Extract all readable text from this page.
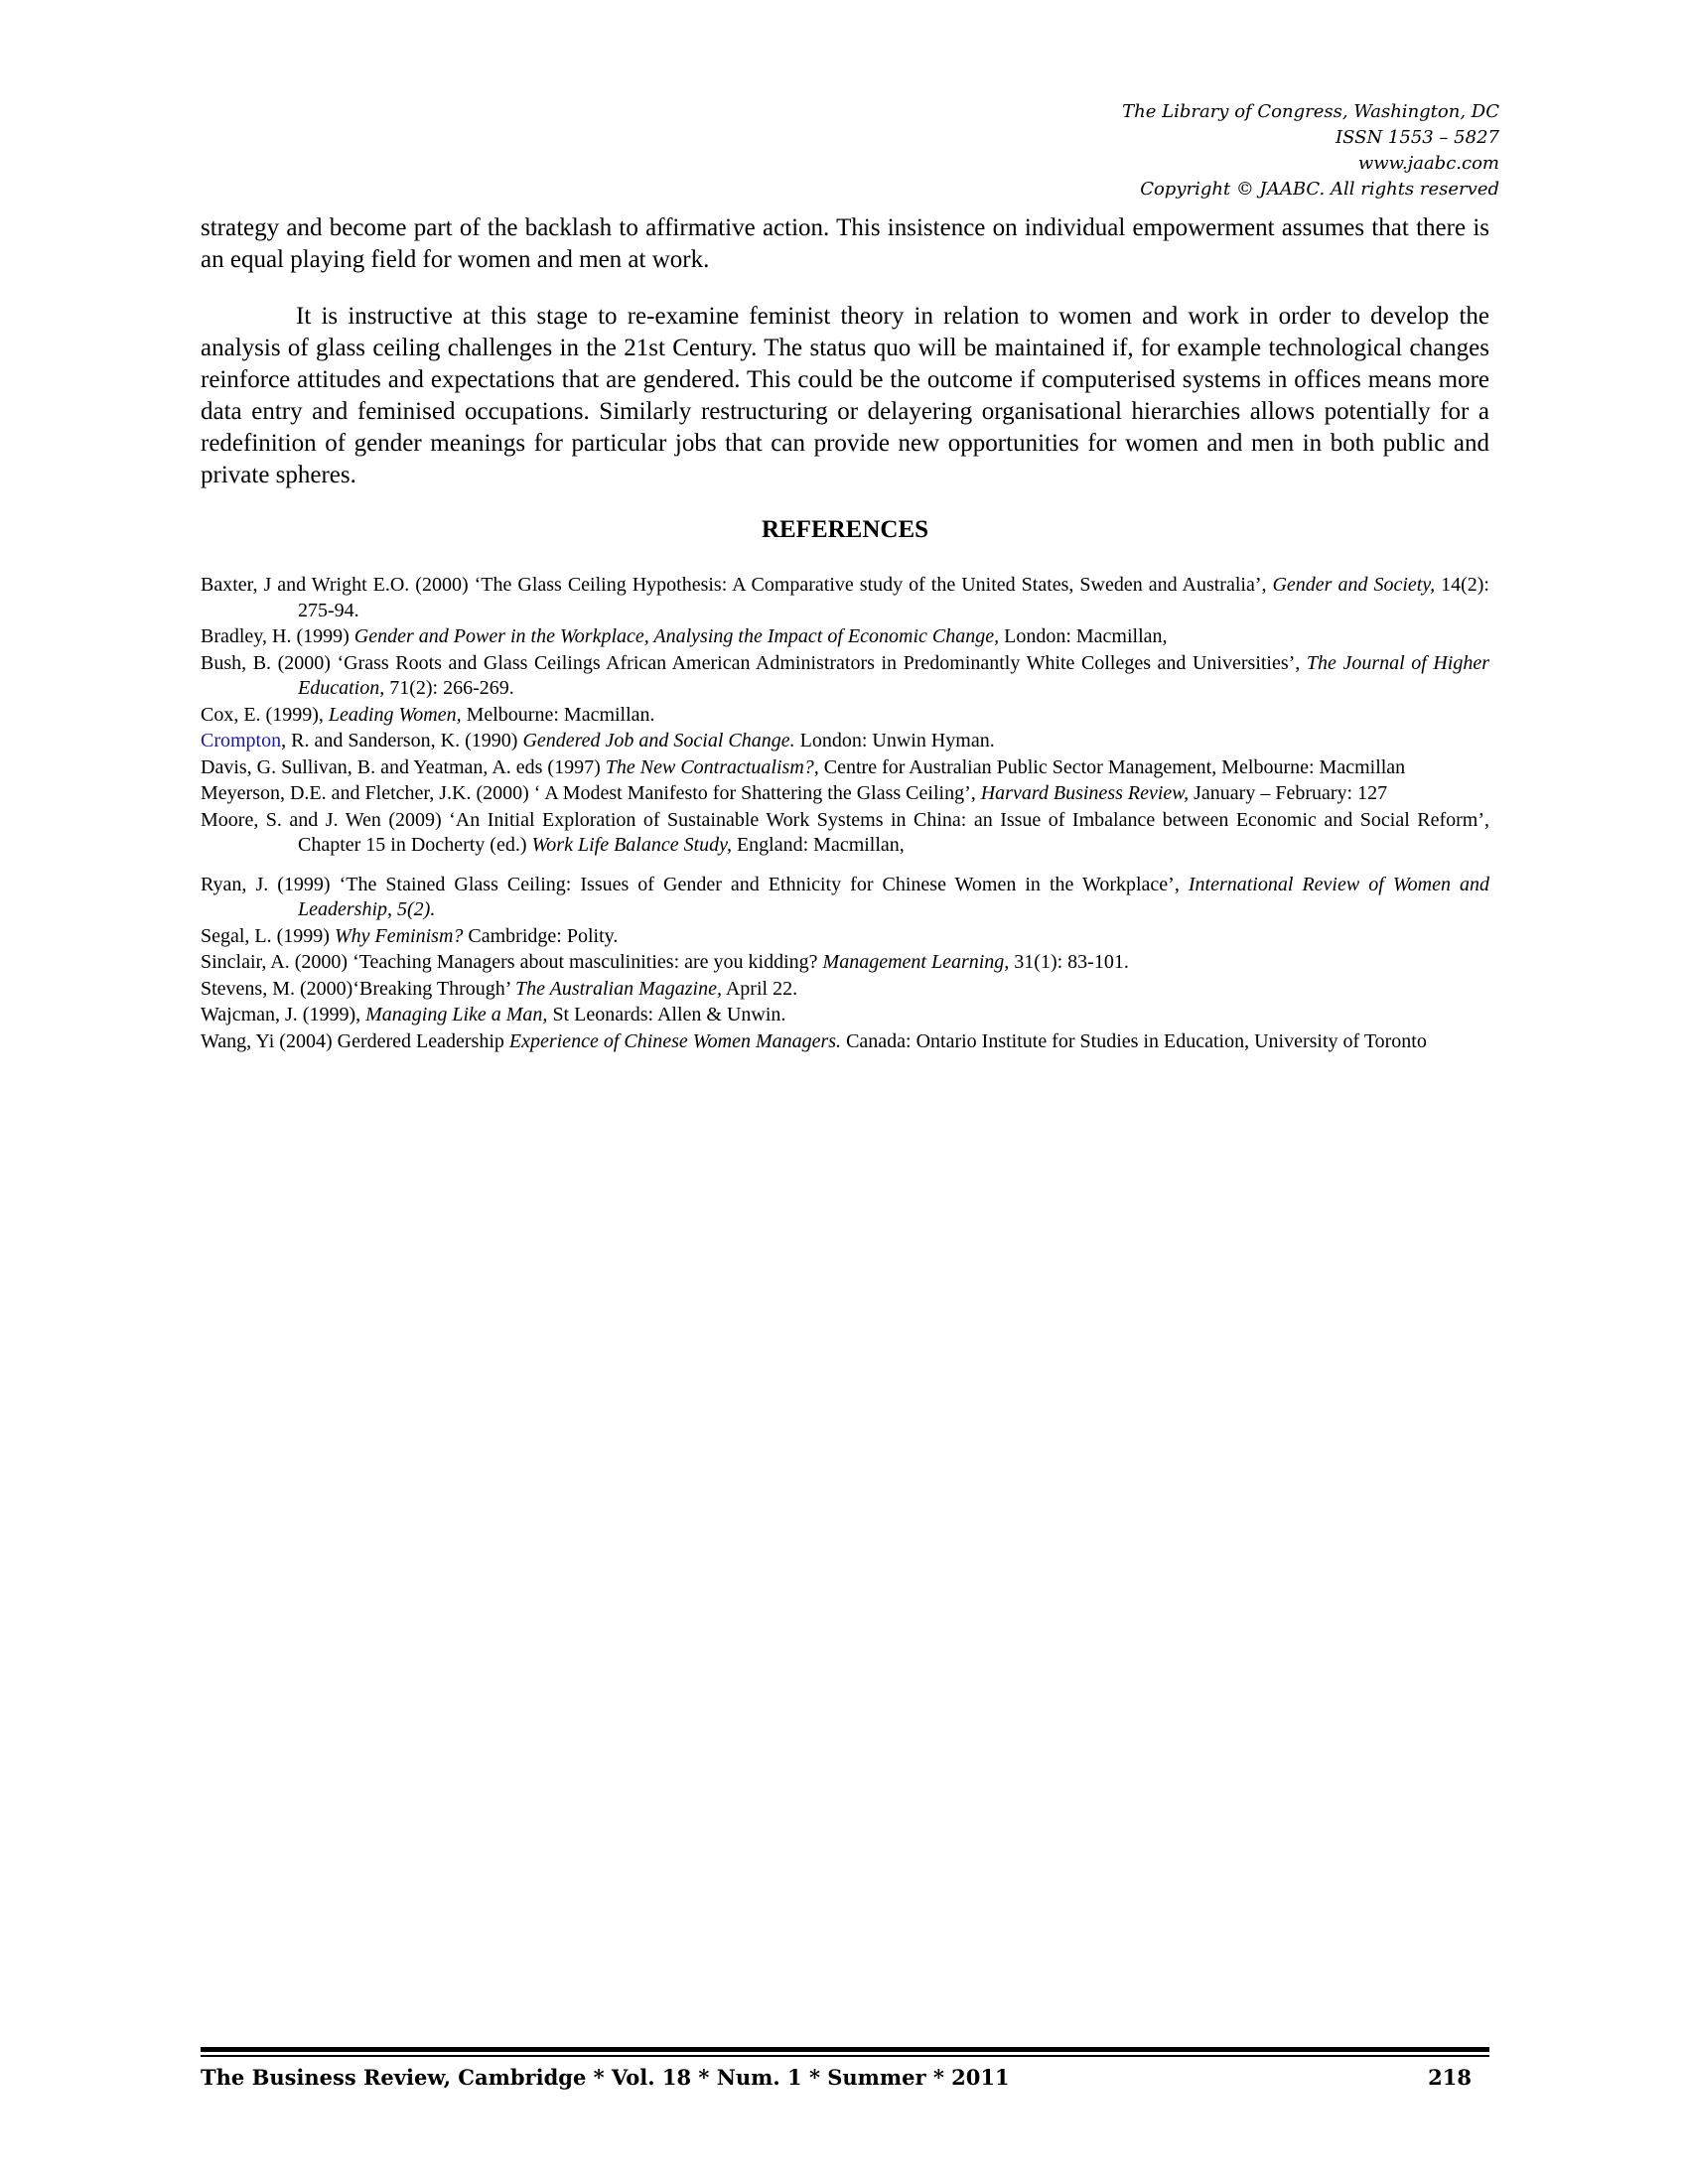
The Library of Congress, Washington, DC
ISSN 1553 – 5827
www.jaabc.com
Copyright © JAABC. All rights reserved
strategy and become part of the backlash to affirmative action. This insistence on individual empowerment assumes that there is an equal playing field for women and men at work.
It is instructive at this stage to re-examine feminist theory in relation to women and work in order to develop the analysis of glass ceiling challenges in the 21st Century. The status quo will be maintained if, for example technological changes reinforce attitudes and expectations that are gendered. This could be the outcome if computerised systems in offices means more data entry and feminised occupations. Similarly restructuring or delayering organisational hierarchies allows potentially for a redefinition of gender meanings for particular jobs that can provide new opportunities for women and men in both public and private spheres.
REFERENCES
Baxter, J and Wright E.O. (2000) ‘The Glass Ceiling Hypothesis: A Comparative study of the United States, Sweden and Australia’, Gender and Society, 14(2): 275-94.
Bradley, H. (1999) Gender and Power in the Workplace, Analysing the Impact of Economic Change, London: Macmillan,
Bush, B. (2000) ‘Grass Roots and Glass Ceilings African American Administrators in Predominantly White Colleges and Universities’, The Journal of Higher Education, 71(2): 266-269.
Cox, E. (1999), Leading Women, Melbourne: Macmillan.
Crompton, R. and Sanderson, K. (1990) Gendered Job and Social Change. London: Unwin Hyman.
Davis, G. Sullivan, B. and Yeatman, A. eds (1997) The New Contractualism?, Centre for Australian Public Sector Management, Melbourne: Macmillan
Meyerson, D.E. and Fletcher, J.K. (2000) ‘ A Modest Manifesto for Shattering the Glass Ceiling’, Harvard Business Review, January – February: 127
Moore, S. and J. Wen (2009) ‘An Initial Exploration of Sustainable Work Systems in China: an Issue of Imbalance between Economic and Social Reform’, Chapter 15 in Docherty (ed.) Work Life Balance Study, England: Macmillan,
Ryan, J. (1999) ‘The Stained Glass Ceiling: Issues of Gender and Ethnicity for Chinese Women in the Workplace’, International Review of Women and Leadership, 5(2).
Segal, L. (1999) Why Feminism? Cambridge: Polity.
Sinclair, A. (2000) ‘Teaching Managers about masculinities: are you kidding? Management Learning, 31(1): 83-101.
Stevens, M. (2000)‘Breaking Through’ The Australian Magazine, April 22.
Wajcman, J. (1999), Managing Like a Man, St Leonards: Allen & Unwin.
Wang, Yi (2004) Gerdered Leadership Experience of Chinese Women Managers. Canada: Ontario Institute for Studies in Education, University of Toronto
The Business Review, Cambridge * Vol. 18 * Num. 1 * Summer * 2011	218
